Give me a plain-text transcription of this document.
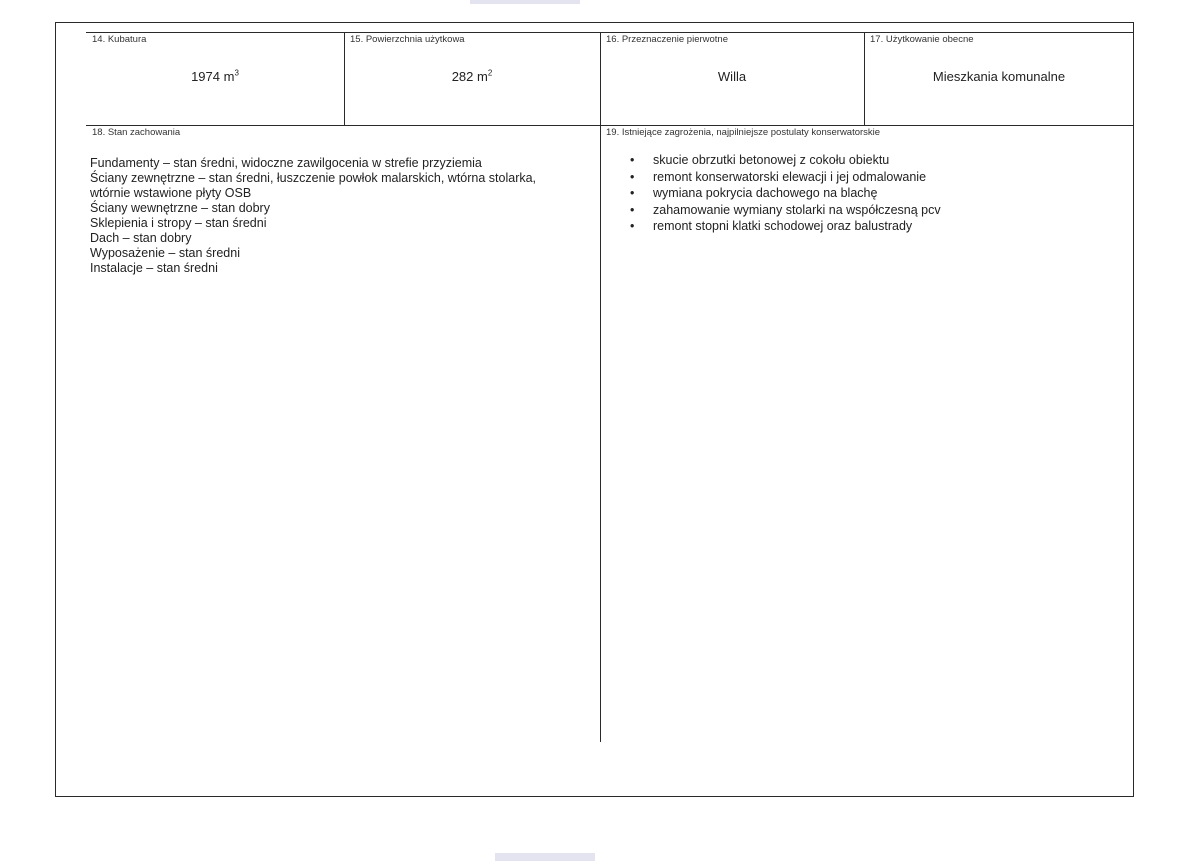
14. Kubatura
1974 $m^3$
15. Powierzchnia użytkowa
282 $m^2$
16. Przeznaczenie pierwotne
Willa
17. Użytkowanie obecne
Mieszkania komunalne
18. Stan zachowania	19. Istniejące zagrożenia, najpilniejsze postulaty konserwatorskie
Fundamenty – stan średni, widoczne zawilgocenia w strefie przyziemia
Ściany zewnętrzne – stan średni, łuszczenie powłok malarskich, wtórna stolarka,
wtórnie wstawione płyty OSB
Ściany wewnętrzne – stan dobry
Sklepienia i stropy – stan średni
Dach – stan dobry
Wyposażenie – stan średni
Instalacje – stan średni
• skucie obrzutki betonowej z cokołu obiektu
• remont konserwatorski elewacji i jej odmalowanie
• wymiana pokrycia dachowego na blachę
• zahamowanie wymiany stolarki na współczesną pcv
• remont stopni klatki schodowej oraz balustrady
